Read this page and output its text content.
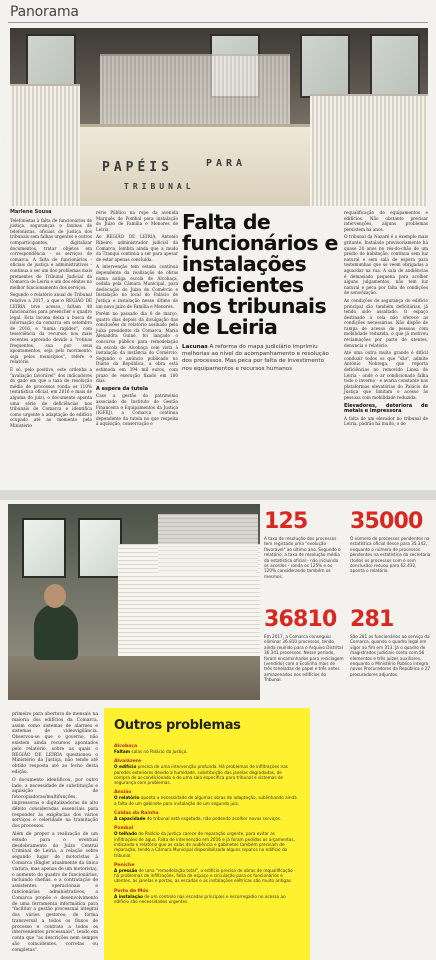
Panorama
PAPÉIS	PARA
TRIBUNAL
Foto: Ricardo Graça
Marlene Sousa

Telefonistas à falta de funcionários de justiça, seguranças e faxinas de telefonistas, oficiais de justiça dos tribunais sem falhas urgentes e outros comparticipantes, digitalizar documentos, tratar objetos em correspondência - os serviços de comarca. A falta de funcionários - oficiais de justiça e administrativos - continua a ser um dos problemas mais prementes do Tribunal Judicial da Comarca de Leiria e um dos efeitos no melhor funcionamento dos serviços.

Segundo o relatório anual do Tribunal relativo a 2017, a que o REGIÃO DE LEIRIA teve acesso, faltam 48 funcionários para preencher o quadro legal. Esta lacuna deixa a busca de informação da comarca em setembro de 2016, e "numa rapidez", com tese/ciência da recursos nos mais recentes aprovado devido a "rotinas frequentes, sua por seus apontamentos, seja pelo movimento, seja pelos municípios", refere o relatório.

É só, pelo positivo, este ordenha a "avaliação favorável" dos indicadores do gado em que a taxa de resolução médio de processos ronda os 110% (estatística oficial, em 2016 e mais de alguma do juiz), o documento aponta uma série de deficiências nos tribunais de Comarca e identifica como urgente a adaptação do edifício ocupado até ao momento pelo Ministério

rério Público na rope da avenida Marquês de Pombal para instalação do Juízo de Família e Menores de Leiria.

Ao REGIÃO DE LEIRIA, Antonio Ribeiro, administrador judicial da Comarca, lembra ainda que a mudo da Tranqui continua a ser para apesar de estar apenas concluída.

A intervenção tem estado contínua dependente da realização de obras numa antiga escola de Alcobaça, cedida pela Câmara Municipal, para deslocação do Juízo de Comércio e Instalação no local do Palácio de Justiça e instalação nesse último de um novo juízo de Família e Menores.

Porém no passado dia 8 de março, quatro dias depois da divulgação das conclusões do relatório assinado pela juíza presidente da Comarca, Maria Alexandra Guiné, foi lançado o concurso público para remodelação da escola de Alcobaça com vista à instalação da instância do Comércio. Segundo o anúncio publicado no Diário da República, a obra está estimada em 394 mil euros, com prazo de execução fixado em 180 dias.

A espera da tutela

Caso a gestão do património associado do Instituto de Gestão Financeira e Equipamentos da Justiça (IGFEJ), a Comarca continua dependente da tutela no que respeita à aquisição, conservação e

Falta de funcionários e instalações deficientes nos tribunais de Leiria
Lacunas A reforma do mapa judiciário imprimiu melhorias ao nível do acompanhamento e resolução dos processos. Mas peca por falta de investimento nos equipamentos e recursos humanos

requalificação de equipamentos e edifícios. Não obstante precisar intervenções, alguns problemas persistem há anos.

O tribunal da Nazaré é o exemplo mais gritante. Instalado provisoriamente há quase 20 anos no rés-do-chão de um prédio de habitação, continua sem luz natural e sem sala de espera para testemunhas que se veem obrigadas a aguardar na rua. A sala de audiências é demasiado pequena para acolher alguns julgamentos, não tem luz natural e peca por falta de condições de sonorização.

As condições de segurança do edifício principal são também deficitárias, já tendo sido assaltado. O espaço destinado a cela não oferece as condições necessárias. Não dispõe de rampa de acesso de pessoas com mobilidade reduzida, o que já motivou reclamações por parte de utentes, denuncia o relatório.

Até uma outra muito grande é difícil conduzir todos os que "são", admite António Nobrega, que reporta deficiências no removido Linea de Leiria - onde o ar condicionado falha todo o inverno - e avaria constante nas plataformas elevatórias do Palácio de Justiça que limitam o acesso às pessoas com mobilidade reduzida.

Elevadores, deteriora de metais e impressora

A falta de um elevador no tribunal de Leiria, padrão há muito, o de

125
A taxa de resolução dos processos tem registado uma "evolução favorável" ao último ano. Segundo o relatório, a taxa de resolução média da estatística oficial - não incluindo os acordos - ronda os 125% e os 120% considerando também os mesmos.
35000
O número de processos pendentes na estatística oficial desce para 35.342, enquanto o número de processos pendentes na estatística da secretaria (todos os processos com e sem conclusão) recuou para 62.432, aponta o relatório.
36810
Em 2017, a Comarca conseguiu eliminar 36.810 processos, tendo ainda reunido para o Arquivo Distrital 36.341 processos. Nesse período, foram encaminhados para reciclagem (vendido) com a Ecolinha mais de três toneladas de papel e três antes armazenados nos edifícios do Tribunal.
281
São 281 os funcionários ao serviço da Comarca, quando o quadro legal em vigor ao fim em 313. Já o quadro de magistrados judiciais conta com 56 elementos e três juízes auxiliares, enquanto o Ministério Público integra novos Procuradores da República e 27 procuradores adjuntos.

primeiro para abertura de mensais na maioria dos edifícios da Comarca, assim como sistemas de alarmes e sistemas de videovigilância. Observou-se que o governo, não existem ainda recursos apontados pelo relatório, sobre as quais o REGIÃO DE LEIRIA questionou o Ministério da Justiça, não tendo até obtido resposta até ao fecho desta edição.

O documento identificou, por outro lado, a necessidade de substituição e aquisição de fotocopiadoras/multifunções, impressoras e digitalizadoras de alto débito consideradas essenciais para responder às exigências dos vários serviços e celeridade na tramitação dos processos.

Além de propor a realização de um estudo para o eventual desdobramento do Juízo Central Criminal de Leiria, a relação sobre segundo lugar de motoristas à Comarca (Engler atualmente da única viatura, mas apenas de um motorista), o aumento do quadro de funcionários, incluindo chefias, e a contratação de assistentes operacionais e funcionários administrativos, a Comarca propõe o desenvolvimento de uma ferramenta informática para "facilitar a gestão processual integral dos vários gestores; de forma transversal a todos os fluxos de processo e contrato a todos os intervenientes processuais", tendo em conta que "as descrições nem sempre são coincidentes, corretas ou completas".

Outros problemas
Alcobaça
Faltam salas no Palácio da Justiça.
Alvaiázere
O edifício precisa de uma intervenção profunda. Há problemas de infiltrações nas paredes exteriores devido à humidade, substituição das janelas degradadas, de compra de ar-condicionado e de uma sala específica para tribunal e sistemas de segurança com problemas.
Ansião
O relatório aponta a necessidade de algumas obras de adaptação, sublinhando ainda a falta de um gabinete para instalação de um segundo juiz.
Caldas da Rainha
A capacidade do tribunal está esgotada, não podendo acolher novos serviços.
Pombal
O telhado do Palácio da Justiça carece de reparação urgente, para evitar as infiltrações de água. Falta de intervenção em 2016 e já foram pedidos os orçamentos, indicando o relatório que as salas de audiência e gabinetes também precisam de reparação, tendo a Câmara Municipal disponibilizado alguns reparos no edifício do tribunal.
Peniche
A pressão de uma "remodelação total", o edifício precisa de obras de requalificação - há problemas de infiltrações, falta de espaço e circulação para os funcionários e utentes, as janelas e portas, as escadas e as instalações elétricas são muito antigas.
Porto de Mós
A instalação de um controlo nas escadas principais e escorregadio no acesso ao edifício são necessidades urgentes.
